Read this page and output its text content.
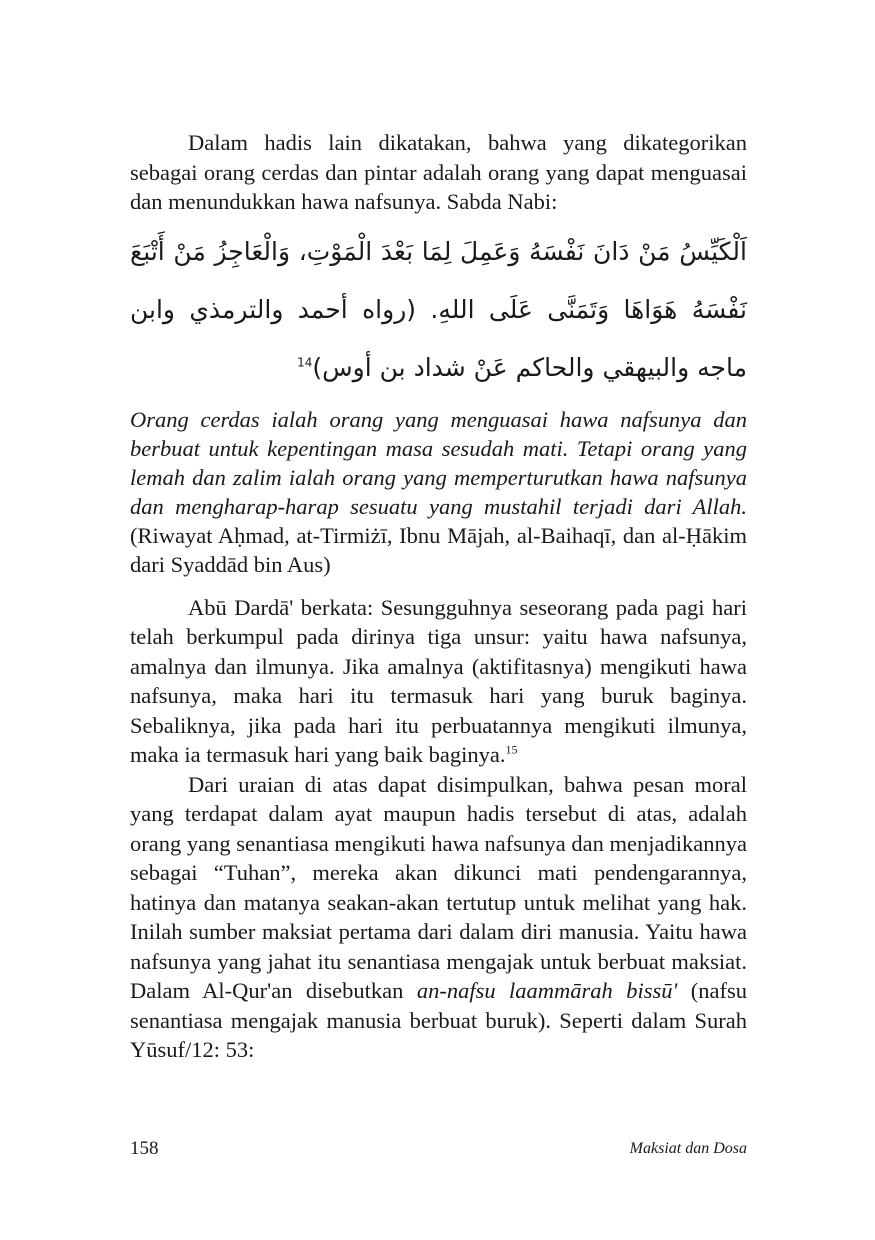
Dalam hadis lain dikatakan, bahwa yang dikategorikan sebagai orang cerdas dan pintar adalah orang yang dapat menguasai dan menundukkan hawa nafsunya. Sabda Nabi:

اَلْكَيِّسُ مَنْ دَانَ نَفْسَهُ وَعَمِلَ لِمَا بَعْدَ الْمَوْتِ، وَالْعَاجِزُ مَنْ أَتْبَعَ نَفْسَهُ هَوَاهَا وَتَمَنَّى عَلَى اللهِ. (رواه أحمد والترمذي وابن ماجه والبيهقي والحاكم عَنْ شداد بن أوس)$^{14}$

Orang cerdas ialah orang yang menguasai hawa nafsunya dan berbuat untuk kepentingan masa sesudah mati. Tetapi orang yang lemah dan zalim ialah orang yang memperturutkan hawa nafsunya dan mengharap-harap sesuatu yang mustahil terjadi dari Allah. (Riwayat Aḥmad, at-Tirmiżī, Ibnu Mājah, al-Baihaqī, dan al-Ḥākim dari Syaddād bin Aus)

Abū Dardā' berkata: Sesungguhnya seseorang pada pagi hari telah berkumpul pada dirinya tiga unsur: yaitu hawa nafsunya, amalnya dan ilmunya. Jika amalnya (aktifitasnya) mengikuti hawa nafsunya, maka hari itu termasuk hari yang buruk baginya. Sebaliknya, jika pada hari itu perbuatannya mengikuti ilmunya, maka ia termasuk hari yang baik baginya.$^{15}$

Dari uraian di atas dapat disimpulkan, bahwa pesan moral yang terdapat dalam ayat maupun hadis tersebut di atas, adalah orang yang senantiasa mengikuti hawa nafsunya dan menjadikannya sebagai “Tuhan”, mereka akan dikunci mati pendengarannya, hatinya dan matanya seakan-akan tertutup untuk melihat yang hak. Inilah sumber maksiat pertama dari dalam diri manusia. Yaitu hawa nafsunya yang jahat itu senantiasa mengajak untuk berbuat maksiat. Dalam Al-Qur'an disebutkan an-nafsu laammārah bissū' (nafsu senantiasa mengajak manusia berbuat buruk). Seperti dalam Surah Yūsuf/12: 53:

158	Maksiat dan Dosa
